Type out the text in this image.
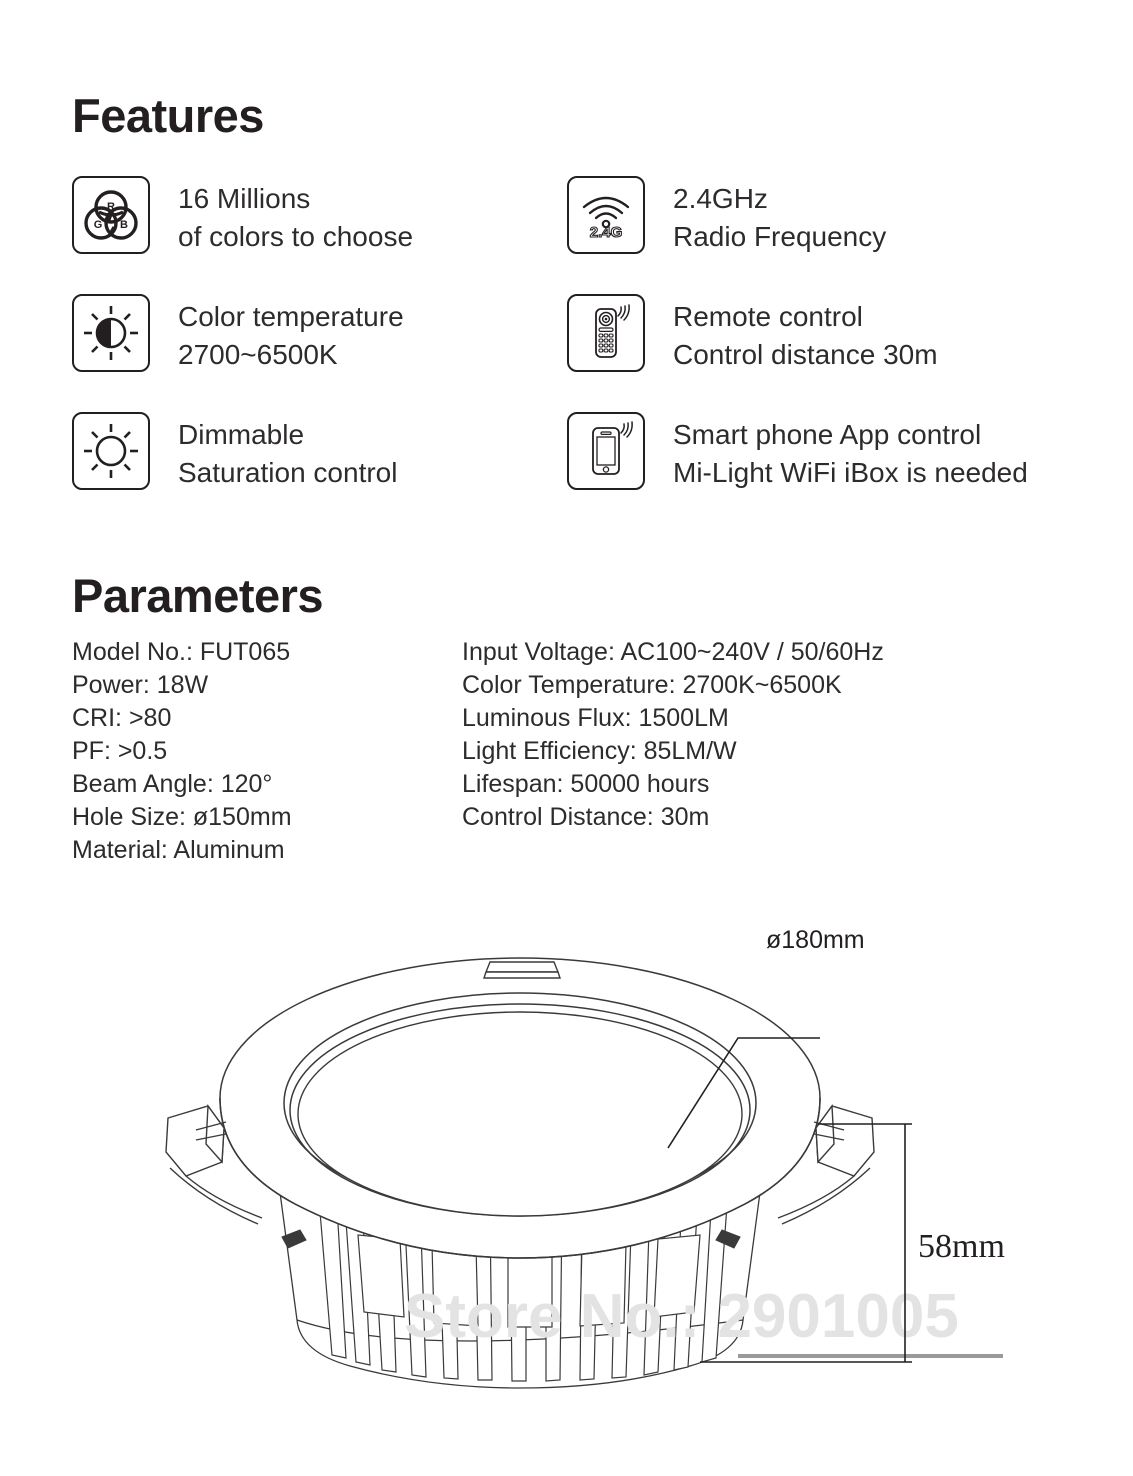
Features
R
G B
16 Millions
of colors to choose	2.4G
2.4GHz
Radio Frequency
Color temperature
2700~6500K
Remote control
Control distance 30m
Dimmable
Saturation control
Smart phone App control
Mi-Light WiFi iBox is needed
Parameters
Model No.: FUT065
Power: 18W
CRI: >80
PF: >0.5
Beam Angle: 120°
Hole Size: ø150mm
Material: Aluminum
Input Voltage: AC100~240V / 50/60Hz
Color Temperature: 2700K~6500K
Luminous Flux: 1500LM
Light Efficiency: 85LM/W
Lifespan: 50000 hours
Control Distance: 30m
Store No.: 2901005
ø180mm
58mm
